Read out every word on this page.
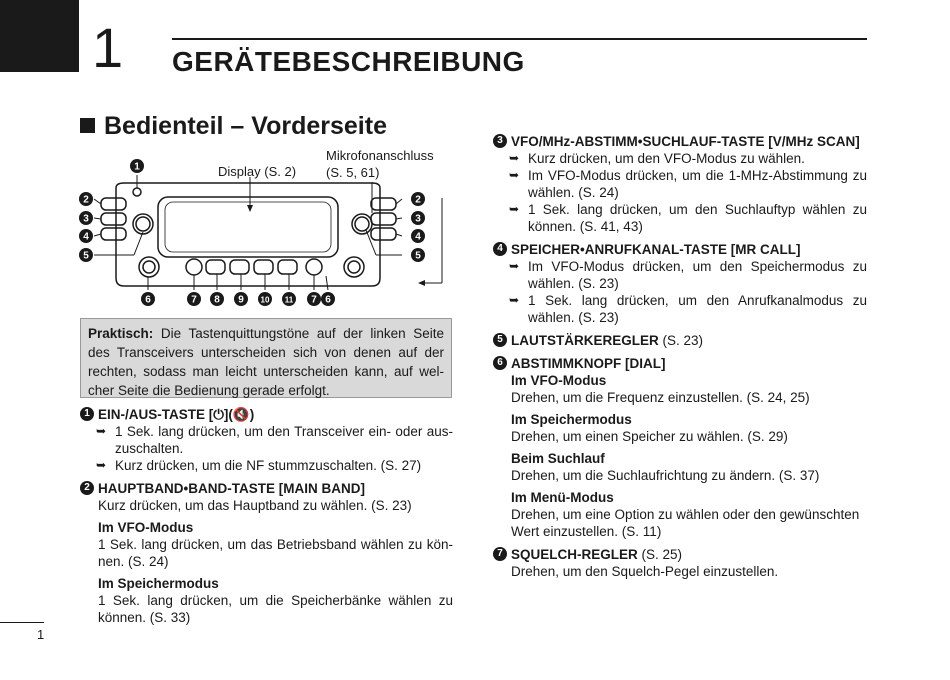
1 GERÄTEBESCHREIBUNG
Bedienteil – Vorderseite
Display (S. 2)
Mikrofonanschluss
(S. 5, 61)
1
2
3
4
5
2
3
4
5
6	7 8 9 10 11 7 6
Praktisch: Die Tastenquittungstöne auf der linken Seite des Transceivers unterscheiden sich von denen auf der rechten, sodass man leicht unterscheiden kann, auf welcher Seite die Bedienung gerade erfolgt.
1 EIN-/AUS-TASTE [⏻](🔇)
➥ 1 Sek. lang drücken, um den Transceiver ein- oder auszuschalten.
➥ Kurz drücken, um die NF stummzuschalten. (S. 27)
2 HAUPTBAND•BAND-TASTE [MAIN BAND]
Kurz drücken, um das Hauptband zu wählen. (S. 23)
Im VFO-Modus
1 Sek. lang drücken, um das Betriebsband wählen zu können. (S. 24)
Im Speichermodus
1 Sek. lang drücken, um die Speicherbänke wählen zu können. (S. 33)
3 VFO/MHz-ABSTIMM•SUCHLAUF-TASTE [V/MHz SCAN]
➥ Kurz drücken, um den VFO-Modus zu wählen.
➥ Im VFO-Modus drücken, um die 1-MHz-Abstimmung zu wählen. (S. 24)
➥ 1 Sek. lang drücken, um den Suchlauftyp wählen zu können. (S. 41, 43)
4 SPEICHER•ANRUFKANAL-TASTE [MR CALL]
➥ Im VFO-Modus drücken, um den Speichermodus zu wählen. (S. 23)
➥ 1 Sek. lang drücken, um den Anrufkanalmodus zu wählen. (S. 23)
5 LAUTSTÄRKEREGLER (S. 23)
6 ABSTIMMKNOPF [DIAL]
Im VFO-Modus
Drehen, um die Frequenz einzustellen. (S. 24, 25)
Im Speichermodus
Drehen, um einen Speicher zu wählen. (S. 29)
Beim Suchlauf
Drehen, um die Suchlaufrichtung zu ändern. (S. 37)
Im Menü-Modus
Drehen, um eine Option zu wählen oder den gewünschten Wert einzustellen. (S. 11)
7 SQUELCH-REGLER (S. 25)
Drehen, um den Squelch-Pegel einzustellen.
1
